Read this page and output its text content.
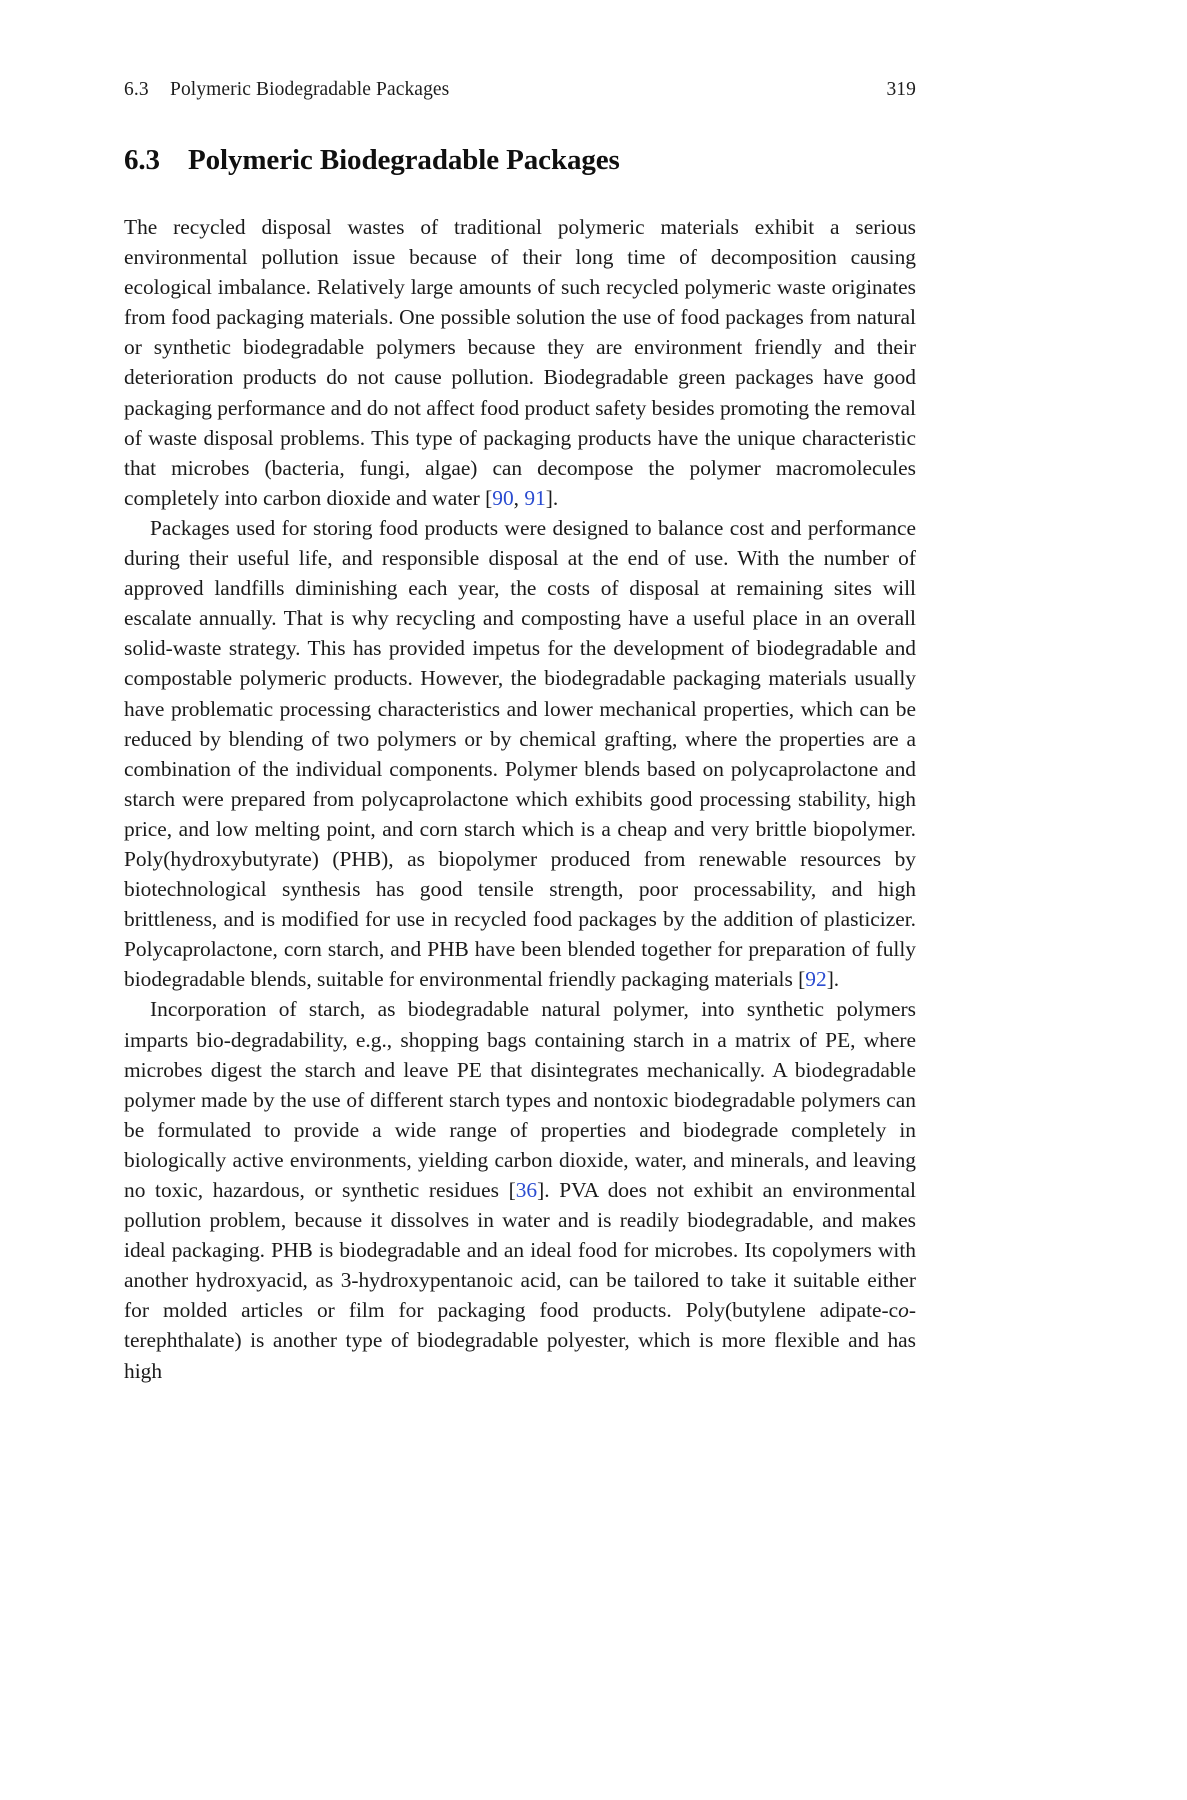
6.3 Polymeric Biodegradable Packages	319
6.3 Polymeric Biodegradable Packages

The recycled disposal wastes of traditional polymeric materials exhibit a serious environmental pollution issue because of their long time of decomposition causing ecological imbalance. Relatively large amounts of such recycled polymeric waste originates from food packaging materials. One possible solution the use of food packages from natural or synthetic biodegradable polymers because they are environment friendly and their deterioration products do not cause pollution. Biodegradable green packages have good packaging performance and do not affect food product safety besides promoting the removal of waste disposal problems. This type of packaging products have the unique characteristic that microbes (bacteria, fungi, algae) can decompose the polymer macromolecules completely into carbon dioxide and water [90, 91].

Packages used for storing food products were designed to balance cost and performance during their useful life, and responsible disposal at the end of use. With the number of approved landfills diminishing each year, the costs of disposal at remaining sites will escalate annually. That is why recycling and composting have a useful place in an overall solid-waste strategy. This has provided impetus for the development of biodegradable and compostable polymeric products. However, the biodegradable packaging materials usually have problematic processing characteristics and lower mechanical properties, which can be reduced by blending of two polymers or by chemical grafting, where the properties are a combination of the individual components. Polymer blends based on polycaprolactone and starch were prepared from polycaprolactone which exhibits good processing stability, high price, and low melting point, and corn starch which is a cheap and very brittle biopolymer. Poly(hydroxybutyrate) (PHB), as biopolymer produced from renewable resources by biotechnological synthesis has good tensile strength, poor processability, and high brittleness, and is modified for use in recycled food packages by the addition of plasticizer. Polycaprolactone, corn starch, and PHB have been blended together for preparation of fully biodegradable blends, suitable for environmental friendly packaging materials [92].

Incorporation of starch, as biodegradable natural polymer, into synthetic polymers imparts bio-degradability, e.g., shopping bags containing starch in a matrix of PE, where microbes digest the starch and leave PE that disintegrates mechanically. A biodegradable polymer made by the use of different starch types and nontoxic biodegradable polymers can be formulated to provide a wide range of properties and biodegrade completely in biologically active environments, yielding carbon dioxide, water, and minerals, and leaving no toxic, hazardous, or synthetic residues [36]. PVA does not exhibit an environmental pollution problem, because it dissolves in water and is readily biodegradable, and makes ideal packaging. PHB is biodegradable and an ideal food for microbes. Its copolymers with another hydroxyacid, as 3-hydroxypentanoic acid, can be tailored to take it suitable either for molded articles or film for packaging food products. Poly(butylene adipate-co-terephthalate) is another type of biodegradable polyester, which is more flexible and has high
